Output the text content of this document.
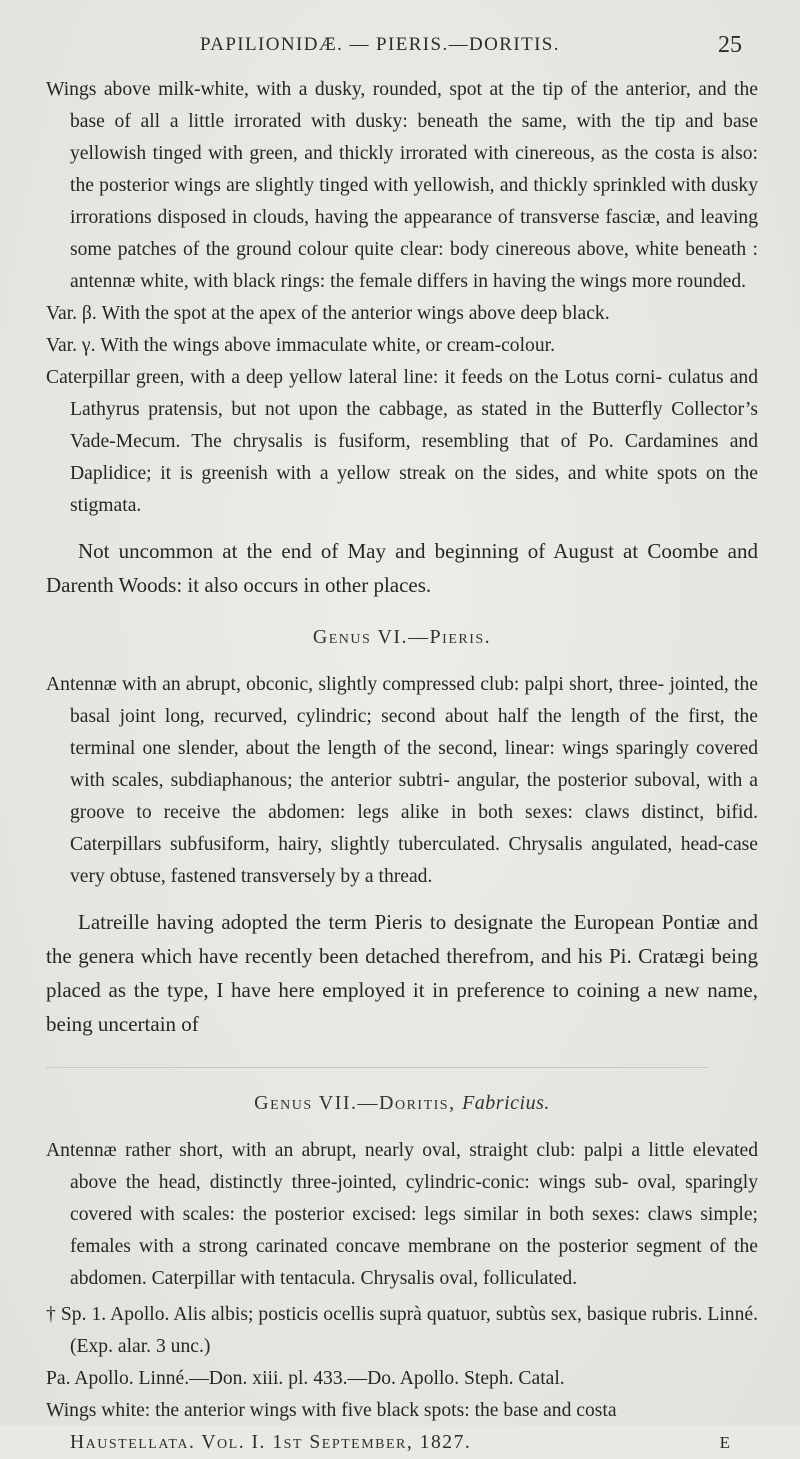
PAPILIONIDÆ. — PIERIS.—DORITIS.	25

Wings above milk-white, with a dusky, rounded, spot at the tip of the anterior, and the base of all a little irrorated with dusky: beneath the same, with the tip and base yellowish tinged with green, and thickly irrorated with cinereous, as the costa is also: the posterior wings are slightly tinged with yellowish, and thickly sprinkled with dusky irrorations disposed in clouds, having the appearance of transverse fasciæ, and leaving some patches of the ground colour quite clear: body cinereous above, white beneath : antennæ white, with black rings: the female differs in having the wings more rounded.

Var. β. With the spot at the apex of the anterior wings above deep black.

Var. γ. With the wings above immaculate white, or cream-colour.

Caterpillar green, with a deep yellow lateral line: it feeds on the Lotus corni- culatus and Lathyrus pratensis, but not upon the cabbage, as stated in the Butterfly Collector’s Vade-Mecum. The chrysalis is fusiform, resembling that of Po. Cardamines and Daplidice; it is greenish with a yellow streak on the sides, and white spots on the stigmata.

Not uncommon at the end of May and beginning of August at Coombe and Darenth Woods: it also occurs in other places.

Genus VI.—Pieris.

Antennæ with an abrupt, obconic, slightly compressed club: palpi short, three- jointed, the basal joint long, recurved, cylindric; second about half the length of the first, the terminal one slender, about the length of the second, linear: wings sparingly covered with scales, subdiaphanous; the anterior subtri- angular, the posterior suboval, with a groove to receive the abdomen: legs alike in both sexes: claws distinct, bifid. Caterpillars subfusiform, hairy, slightly tuberculated. Chrysalis angulated, head-case very obtuse, fastened transversely by a thread.

Latreille having adopted the term Pieris to designate the European Pontiæ and the genera which have recently been detached therefrom, and his Pi. Cratægi being placed as the type, I have here employed it in preference to coining a new name, being uncertain of

Genus VII.—Doritis, Fabricius.

Antennæ rather short, with an abrupt, nearly oval, straight club: palpi a little elevated above the head, distinctly three-jointed, cylindric-conic: wings sub- oval, sparingly covered with scales: the posterior excised: legs similar in both sexes: claws simple; females with a strong carinated concave membrane on the posterior segment of the abdomen. Caterpillar with tentacula. Chrysalis oval, folliculated.

† Sp. 1. Apollo. Alis albis; posticis ocellis suprà quatuor, subtùs sex, basique rubris. Linné. (Exp. alar. 3 unc.)

Pa. Apollo. Linné.—Don. xiii. pl. 433.—Do. Apollo. Steph. Catal.

Wings white: the anterior wings with five black spots: the base and costa

Haustellata. Vol. I. 1st September, 1827.	E
